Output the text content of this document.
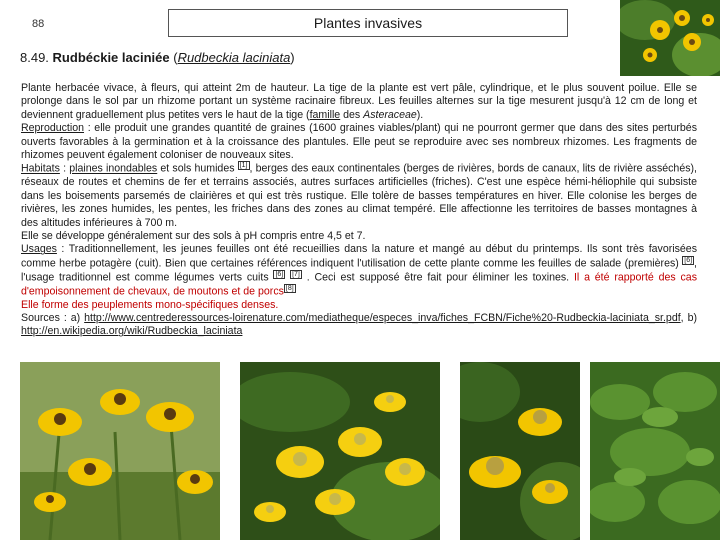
88	Plantes invasives
8.49. Rudbéckie laciniée (Rudbeckia laciniata)

Plante herbacée vivace, à fleurs, qui atteint 2m de hauteur. La tige de la plante est vert pâle, cylindrique, et le plus souvent poilue. Elle se prolonge dans le sol par un rhizome portant un système racinaire fibreux. Les feuilles alternes sur la tige mesurent jusqu'à 12 cm de long et deviennent graduellement plus petites vers le haut de la tige (famille des Asteraceae).

Reproduction : elle produit une grandes quantité de graines (1600 graines viables/plant) qui ne pourront germer que dans des sites perturbés ouverts favorables à la germination et à la croissance des plantules. Elle peut se reproduire avec ses nombreux rhizomes. Les fragments de rhizomes peuvent également coloniser de nouveaux sites.

Habitats : plaines inondables et sols humides [1] , berges des eaux continentales (berges de rivières, bords de canaux, lits de rivière asséchés), réseaux de routes et chemins de fer et terrains associés, autres surfaces artificielles (friches). C'est une espèce hémi-héliophile qui subsiste dans les boisements parsemés de clairières et qui est très rustique. Elle tolère de basses températures en hiver. Elle colonise les berges de rivières, les zones humides, les pentes, les friches dans des zones au climat tempéré. Elle affectionne les territoires de basses montagnes à des altitudes inférieures à 700 m.

Elle se développe généralement sur des sols à pH compris entre 4,5 et 7.

Usages : Traditionnellement, les jeunes feuilles ont été recueillies dans la nature et mangé au début du printemps. Ils sont très favorisées comme herbe potagère (cuit). Bien que certaines références indiquent l'utilisation de cette plante comme les feuilles de salade (premières) [6] , l'usage traditionnel est comme légumes verts cuits [6] [7] . Ceci est supposé être fait pour éliminer les toxines. Il a été rapporté des cas d'empoisonnement de chevaux, de moutons et de porcs [8]

Elle forme des peuplements mono-spécifiques denses.

Sources : a) http://www.centrederessources-loirenature.com/mediatheque/especes_inva/fiches_FCBN/Fiche%20-Rudbeckia-laciniata_sr.pdf, b) http://en.wikipedia.org/wiki/Rudbeckia_laciniata
